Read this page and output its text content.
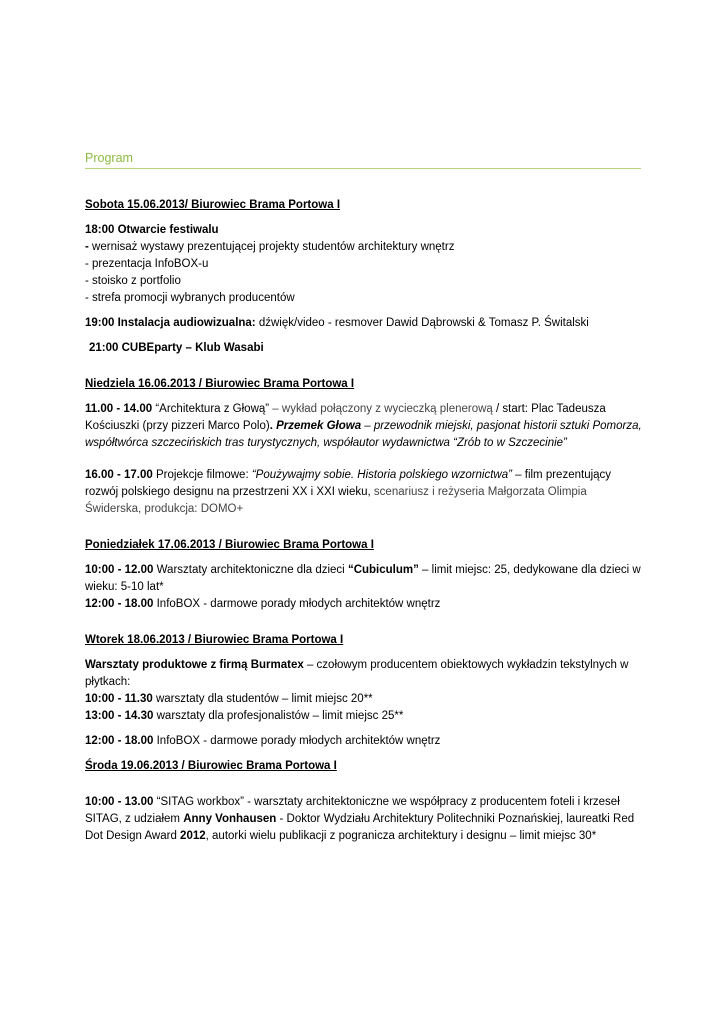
Program

Sobota 15.06.2013/ Biurowiec Brama Portowa I

18:00 Otwarcie festiwalu

- wernisaż wystawy prezentującej projekty studentów architektury wnętrz

- prezentacja InfoBOX-u

- stoisko z portfolio

- strefa promocji wybranych producentów

19:00 Instalacja audiowizualna: dźwięk/video - resmover Dawid Dąbrowski & Tomasz P. Świtalski

21:00 CUBEparty – Klub Wasabi

Niedziela 16.06.2013 / Biurowiec Brama Portowa I

11.00 - 14.00 “Architektura z Głową” – wykład połączony z wycieczką plenerową / start: Plac Tadeusza Kościuszki (przy pizzeri Marco Polo). Przemek Głowa – przewodnik miejski, pasjonat historii sztuki Pomorza, współtwórca szczecińskich tras turystycznych, współautor wydawnictwa “Zrób to w Szczecinie”

16.00 - 17.00 Projekcje filmowe: “Poużywajmy sobie. Historia polskiego wzornictwa” – film prezentujący rozwój polskiego designu na przestrzeni XX i XXI wieku, scenariusz i reżyseria Małgorzata Olimpia Świderska, produkcja: DOMO+

Poniedziałek 17.06.2013 / Biurowiec Brama Portowa I

10:00 - 12.00 Warsztaty architektoniczne dla dzieci “Cubiculum” – limit miejsc: 25, dedykowane dla dzieci w wieku: 5-10 lat*

12:00 - 18.00 InfoBOX - darmowe porady młodych architektów wnętrz

Wtorek 18.06.2013 / Biurowiec Brama Portowa I

Warsztaty produktowe z firmą Burmatex – czołowym producentem obiektowych wykładzin tekstylnych w płytkach:

10:00 - 11.30 warsztaty dla studentów – limit miejsc 20**

13:00 - 14.30 warsztaty dla profesjonalistów – limit miejsc 25**

12:00 - 18.00 InfoBOX - darmowe porady młodych architektów wnętrz

Środa 19.06.2013 / Biurowiec Brama Portowa I

10:00 - 13.00 “SITAG workbox” - warsztaty architektoniczne we współpracy z producentem foteli i krzeseł SITAG, z udziałem Anny Vonhausen - Doktor Wydziału Architektury Politechniki Poznańskiej, laureatki Red Dot Design Award 2012, autorki wielu publikacji z pogranicza architektury i designu – limit miejsc 30*
